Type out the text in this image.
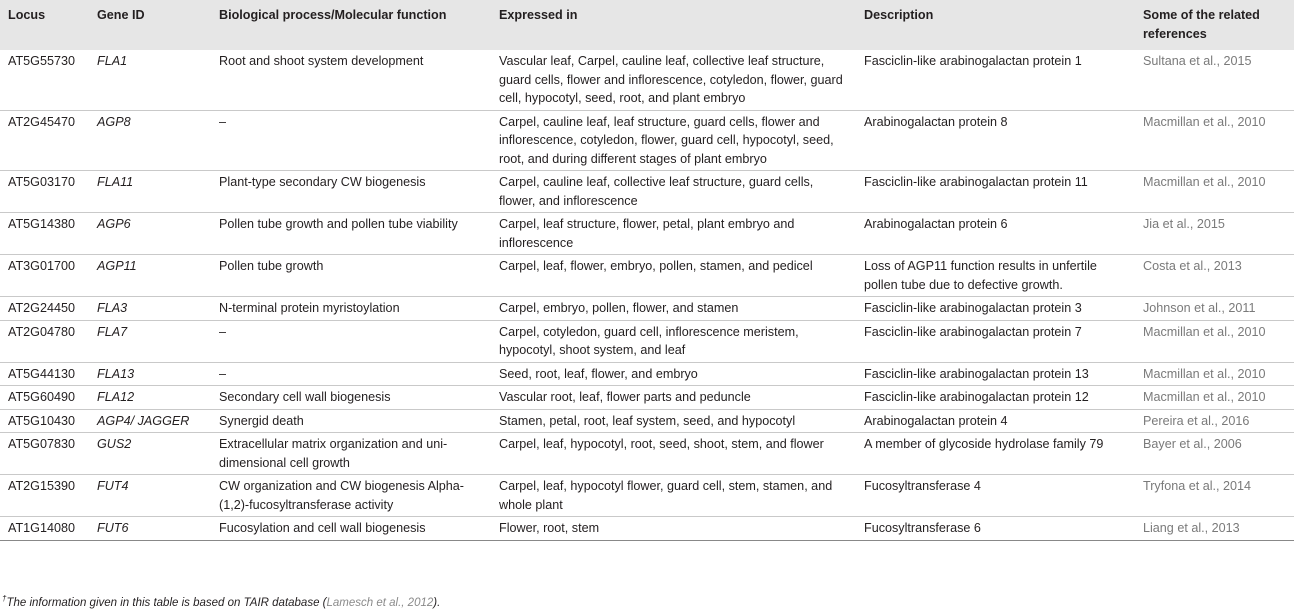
Locus	Gene ID	Biological process/Molecular function	Expressed in	Description	Some of the related references
AT5G55730	FLA1	Root and shoot system development	Vascular leaf, Carpel, cauline leaf, collective leaf structure, guard cells, flower and inflorescence, cotyledon, flower, guard cell, hypocotyl, seed, root, and plant embryo	Fasciclin-like arabinogalactan protein 1	Sultana et al., 2015
AT2G45470	AGP8	–	Carpel, cauline leaf, leaf structure, guard cells, flower and inflorescence, cotyledon, flower, guard cell, hypocotyl, seed, root, and during different stages of plant embryo	Arabinogalactan protein 8	Macmillan et al., 2010
AT5G03170	FLA11	Plant-type secondary CW biogenesis	Carpel, cauline leaf, collective leaf structure, guard cells, flower, and inflorescence	Fasciclin-like arabinogalactan protein 11	Macmillan et al., 2010
AT5G14380	AGP6	Pollen tube growth and pollen tube viability	Carpel, leaf structure, flower, petal, plant embryo and inflorescence	Arabinogalactan protein 6	Jia et al., 2015
AT3G01700	AGP11	Pollen tube growth	Carpel, leaf, flower, embryo, pollen, stamen, and pedicel	Loss of AGP11 function results in unfertile pollen tube due to defective growth.	Costa et al., 2013
AT2G24450	FLA3	N-terminal protein myristoylation	Carpel, embryo, pollen, flower, and stamen	Fasciclin-like arabinogalactan protein 3	Johnson et al., 2011
AT2G04780	FLA7	–	Carpel, cotyledon, guard cell, inflorescence meristem, hypocotyl, shoot system, and leaf	Fasciclin-like arabinogalactan protein 7	Macmillan et al., 2010
AT5G44130	FLA13	–	Seed, root, leaf, flower, and embryo	Fasciclin-like arabinogalactan protein 13	Macmillan et al., 2010
AT5G60490	FLA12	Secondary cell wall biogenesis	Vascular root, leaf, flower parts and peduncle	Fasciclin-like arabinogalactan protein 12	Macmillan et al., 2010
AT5G10430	AGP4/ JAGGER	Synergid death	Stamen, petal, root, leaf system, seed, and hypocotyl	Arabinogalactan protein 4	Pereira et al., 2016
AT5G07830	GUS2	Extracellular matrix organization and uni-dimensional cell growth	Carpel, leaf, hypocotyl, root, seed, shoot, stem, and flower	A member of glycoside hydrolase family 79	Bayer et al., 2006
AT2G15390	FUT4	CW organization and CW biogenesis Alpha-(1,2)-fucosyltransferase activity	Carpel, leaf, hypocotyl flower, guard cell, stem, stamen, and whole plant	Fucosyltransferase 4	Tryfona et al., 2014
AT1G14080	FUT6	Fucosylation and cell wall biogenesis	Flower, root, stem	Fucosyltransferase 6	Liang et al., 2013
†The information given in this table is based on TAIR database (Lamesch et al., 2012).
